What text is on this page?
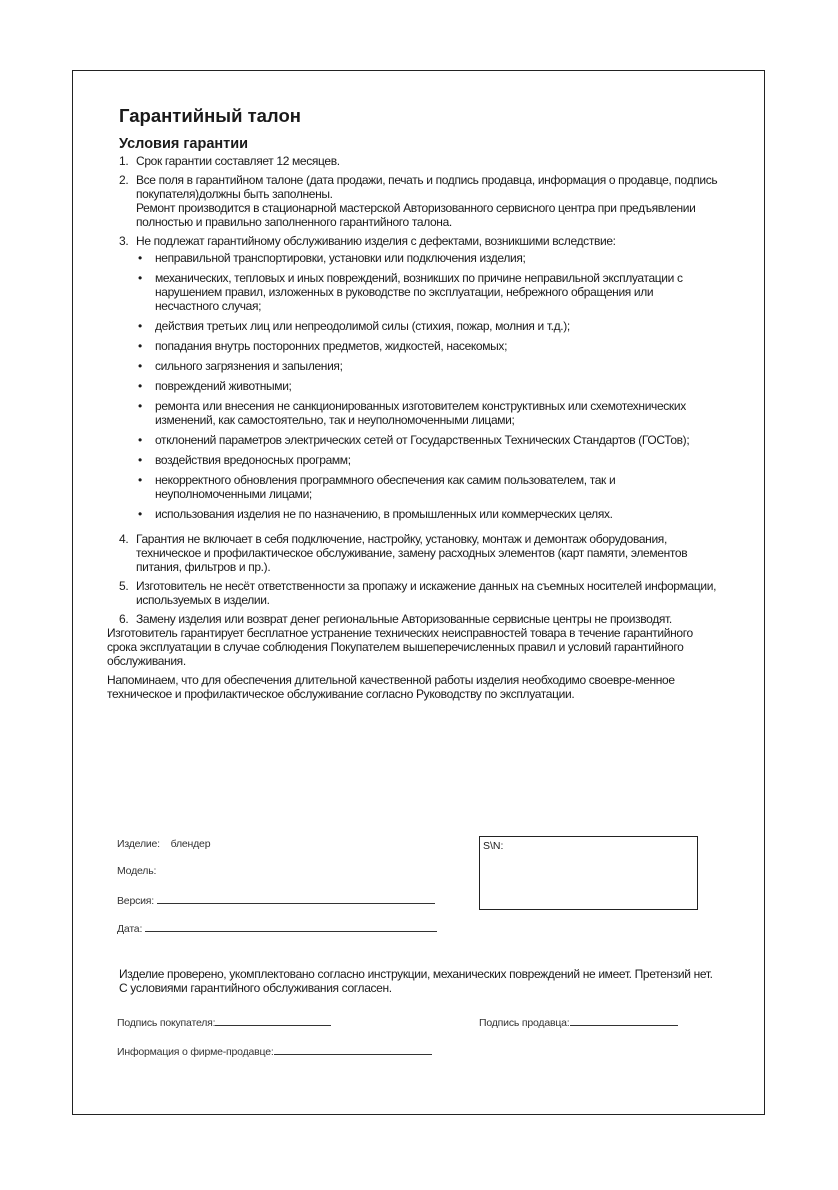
Гарантийный талон
Условия гарантии
1. Срок гарантии составляет 12 месяцев.
2. Все поля в гарантийном талоне (дата продажи, печать и подпись продавца, информация о продавце, подпись покупателя)должны быть заполнены.
Ремонт производится в стационарной мастерской Авторизованного сервисного центра при предъявлении полностью и правильно заполненного гарантийного талона.
3. Не подлежат гарантийному обслуживанию изделия с дефектами, возникшими вследствие:
•	неправильной транспортировки, установки или подключения изделия;
•	механических, тепловых и иных повреждений, возникших по причине неправильной эксплуатации с нарушением правил, изложенных в руководстве по эксплуатации, небрежного обращения или несчастного случая;
•	действия третьих лиц или непреодолимой силы (стихия, пожар, молния и т.д.);
•	попадания внутрь посторонних предметов, жидкостей, насекомых;
•	сильного загрязнения и запыления;
•	повреждений животными;
•	ремонта или внесения не санкционированных изготовителем конструктивных или схемотехнических изменений, как самостоятельно, так и неуполномоченными лицами;
•	отклонений параметров электрических сетей от Государственных Технических Стандартов (ГОСТов);
•	воздействия вредоносных программ;
•	некорректного обновления программного обеспечения как самим пользователем, так и неуполномоченными лицами;
•	использования изделия не по назначению, в промышленных или коммерческих целях.
4. Гарантия не включает в себя подключение, настройку, установку, монтаж и демонтаж оборудования, техническое и профилактическое обслуживание, замену расходных элементов (карт памяти, элементов питания, фильтров и пр.).
5. Изготовитель не несёт ответственности за пропажу и искажение данных на съемных носителей информации, используемых в изделии.
6. Замену изделия или возврат денег региональные Авторизованные сервисные центры не производят.

Изготовитель гарантирует бесплатное устранение технических неисправностей товара в течение гарантийного срока эксплуатации в случае соблюдения Покупателем вышеперечисленных правил и условий гарантийного обслуживания.

Напоминаем, что для обеспечения длительной качественной работы изделия необходимо своевре-менное техническое и профилактическое обслуживание согласно Руководству по эксплуатации.

Изделие: блендер
Модель:
Версия:
Дата:
S\N:
Изделие проверено, укомплектовано согласно инструкции, механических повреждений не имеет. Претензий нет. С условиями гарантийного обслуживания согласен.
Подпись покупателя:	Подпись продавца:
Информация о фирме-продавце:
